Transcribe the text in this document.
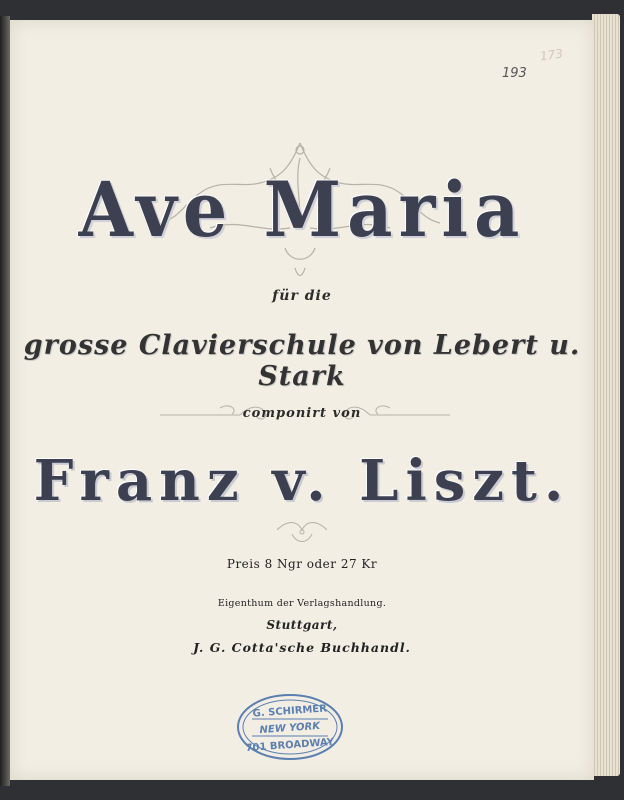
193
173
Ave Maria
für die
grosse Clavierschule von Lebert u. Stark
componirt von
Franz v. Liszt.
Preis 8 Ngr oder 27 Kr
Eigenthum der Verlagshandlung.
Stuttgart,
J. G. Cotta'sche Buchhandl.
G. SCHIRMER
NEW YORK
701 BROADWAY
